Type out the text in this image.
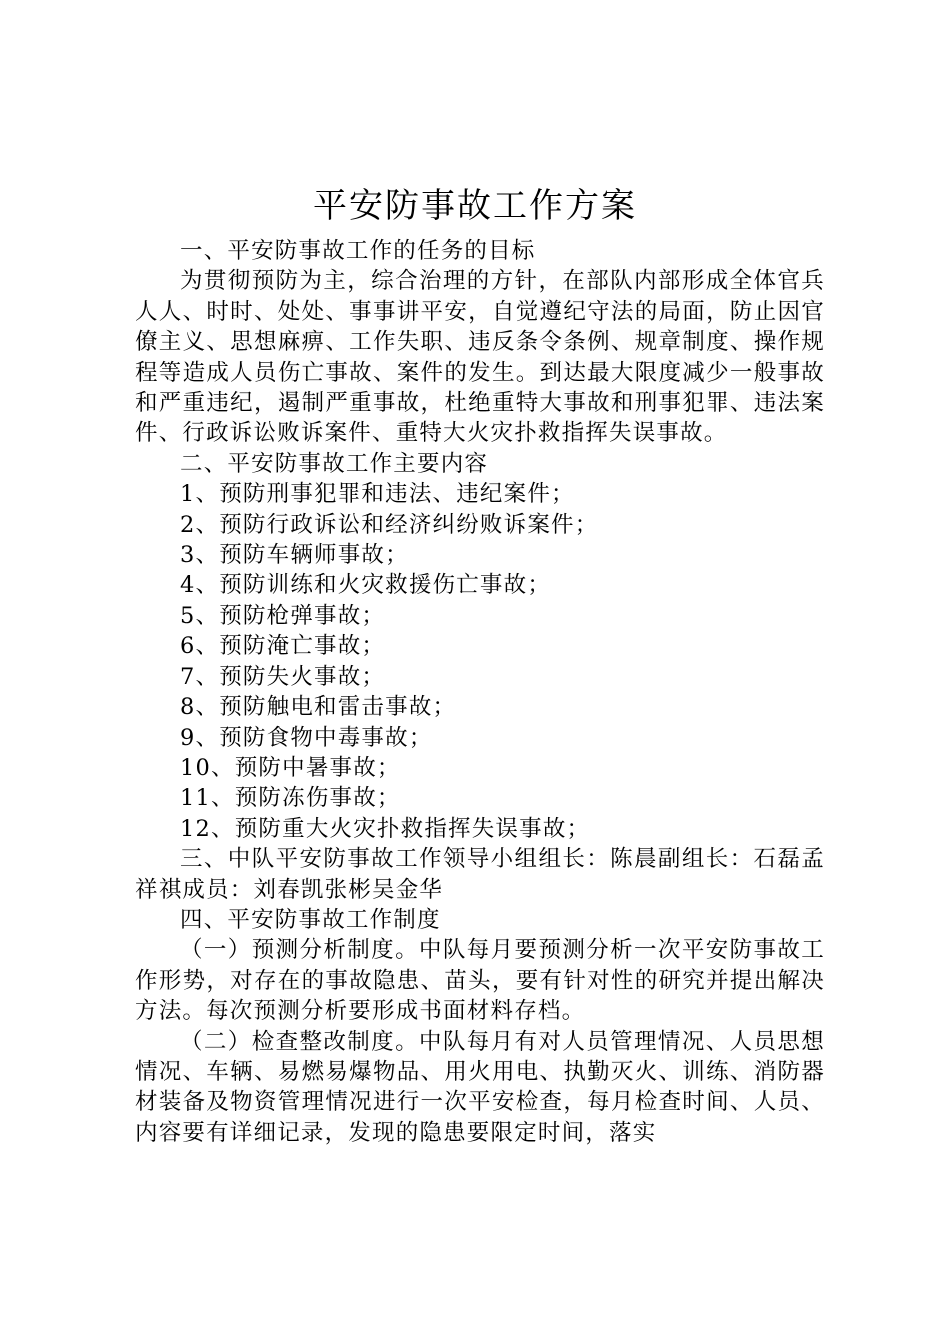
平安防事故工作方案

一、平安防事故工作的任务的目标

为贯彻预防为主，综合治理的方针，在部队内部形成全体官兵人人、时时、处处、事事讲平安，自觉遵纪守法的局面，防止因官僚主义、思想麻痹、工作失职、违反条令条例、规章制度、操作规程等造成人员伤亡事故、案件的发生。到达最大限度减少一般事故和严重违纪，遏制严重事故，杜绝重特大事故和刑事犯罪、违法案件、行政诉讼败诉案件、重特大火灾扑救指挥失误事故。

二、平安防事故工作主要内容

1、预防刑事犯罪和违法、违纪案件；

2、预防行政诉讼和经济纠纷败诉案件；

3、预防车辆师事故；

4、预防训练和火灾救援伤亡事故；

5、预防枪弹事故；

6、预防淹亡事故；

7、预防失火事故；

8、预防触电和雷击事故；

9、预防食物中毒事故；

10、预防中暑事故；

11、预防冻伤事故；

12、预防重大火灾扑救指挥失误事故；

三、中队平安防事故工作领导小组组长：陈晨副组长：石磊孟祥祺成员：刘春凯张彬吴金华

四、平安防事故工作制度

（一）预测分析制度。中队每月要预测分析一次平安防事故工作形势，对存在的事故隐患、苗头，要有针对性的研究并提出解决方法。每次预测分析要形成书面材料存档。

（二）检查整改制度。中队每月有对人员管理情况、人员思想情况、车辆、易燃易爆物品、用火用电、执勤灭火、训练、消防器材装备及物资管理情况进行一次平安检查，每月检查时间、人员、内容要有详细记录，发现的隐患要限定时间，落实
